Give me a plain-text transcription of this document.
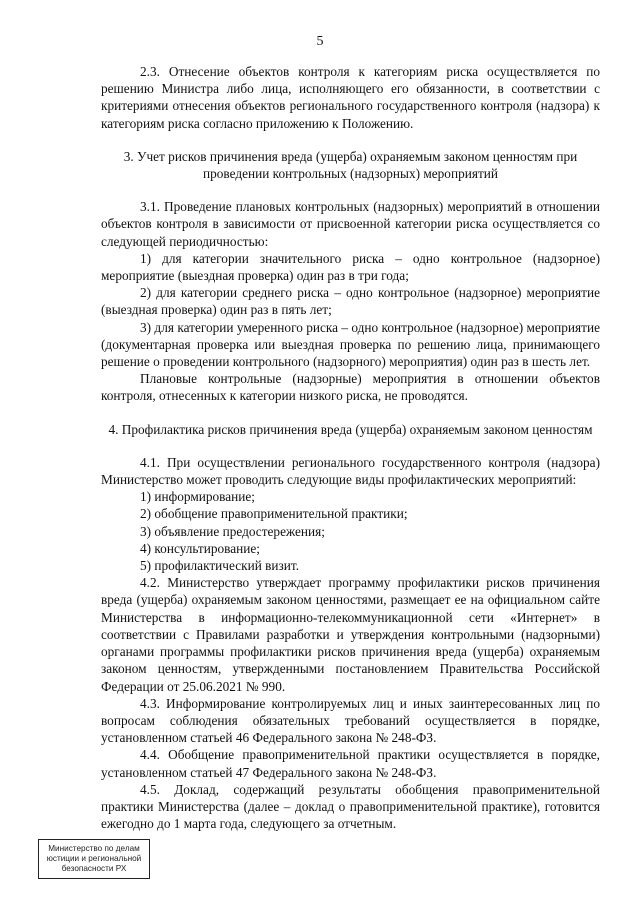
5

2.3. Отнесение объектов контроля к категориям риска осуществляется по решению Министра либо лица, исполняющего его обязанности, в соответствии с критериями отнесения объектов регионального государственного контроля (надзора) к категориям риска согласно приложению к Положению.

3. Учет рисков причинения вреда (ущерба) охраняемым законом ценностям при проведении контрольных (надзорных) мероприятий

3.1. Проведение плановых контрольных (надзорных) мероприятий в отношении объектов контроля в зависимости от присвоенной категории риска осуществляется со следующей периодичностью:

1) для категории значительного риска – одно контрольное (надзорное) мероприятие (выездная проверка) один раз в три года;

2) для категории среднего риска – одно контрольное (надзорное) мероприятие (выездная проверка) один раз в пять лет;

3) для категории умеренного риска – одно контрольное (надзорное) мероприятие (документарная проверка или выездная проверка по решению лица, принимающего решение о проведении контрольного (надзорного) мероприятия) один раз в шесть лет.

Плановые контрольные (надзорные) мероприятия в отношении объектов контроля, отнесенных к категории низкого риска, не проводятся.

4. Профилактика рисков причинения вреда (ущерба) охраняемым законом ценностям

4.1. При осуществлении регионального государственного контроля (надзора) Министерство может проводить следующие виды профилактических мероприятий:

1) информирование;

2) обобщение правоприменительной практики;

3) объявление предостережения;

4) консультирование;

5) профилактический визит.

4.2. Министерство утверждает программу профилактики рисков причинения вреда (ущерба) охраняемым законом ценностями, размещает ее на официальном сайте Министерства в информационно-телекоммуникационной сети «Интернет» в соответствии с Правилами разработки и утверждения контрольными (надзорными) органами программы профилактики рисков причинения вреда (ущерба) охраняемым законом ценностям, утвержденными постановлением Правительства Российской Федерации от 25.06.2021 № 990.

4.3. Информирование контролируемых лиц и иных заинтересованных лиц по вопросам соблюдения обязательных требований осуществляется в порядке, установленном статьей 46 Федерального закона № 248-ФЗ.

4.4. Обобщение правоприменительной практики осуществляется в порядке, установленном статьей 47 Федерального закона № 248-ФЗ.

4.5. Доклад, содержащий результаты обобщения правоприменительной практики Министерства (далее – доклад о правоприменительной практике), готовится ежегодно до 1 марта года, следующего за отчетным.

Министерство по делам
юстиции и региональной
безопасности РХ
